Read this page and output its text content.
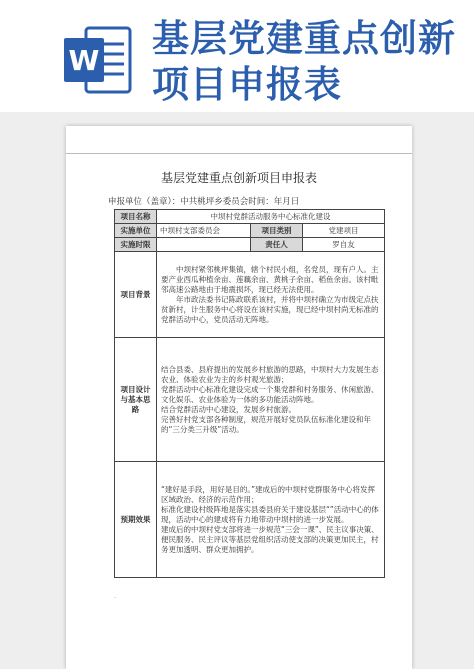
W
基层党建重点创新
项目申报表
基层党建重点创新项目申报表
申报单位（盖章）：中共桃坪乡委员会时间：年月日
项目名称	中坝村党群活动服务中心标准化建设		
实施单位	中坝村支部委员会	项目类别	党建项目
实施时限		责任人	罗自友
项目背景	中坝村紧邻桃坪集镇，辖个村民小组，名党员，现有户人。主要产业西瓜种植余亩、莲藕余亩、黄桃子余亩、稻鱼余亩。该村毗邻高速公路地由于地震损坏，现已经无法使用。

年市政法委书记陈政联系该村，并将中坝村确立为市级定点扶贫新村，计生服务中心将设在该村实施，现已经中坝村尚无标准的党群活动中心，党员活动无阵地。		

项目设计与基本思路	结合县委、县府提出的发展乡村旅游的思路，中坝村大力发展生态农业、体验农业为主的乡村观光旅游；

党群活动中心标准化建设完成一个集党群和村务服务、休闲旅游、文化娱乐、农业体验为一体的多功能活动阵地。

结合党群活动中心建设，发展乡村旅游。

完善好村党支部各种制度，规范开展好党员队伍标准化建设和年的“三分类三升级”活动。		

预期效果	“建好是手段，用好是目的。”建成后的中坝村党群服务中心将发挥区域政治、经济的示范作用；

标准化建设村级阵地是落实县委县府关于建设基层“”活动中心的体现，活动中心的建成将有力地带动中坝村的进一步发展。

建成后的中坝村党支部将进一步规范“三会一课”、民主议事决策、便民服务、民主评议等基层党组织活动使支部的决策更加民主，村务更加透明、群众更加拥护。		

·
